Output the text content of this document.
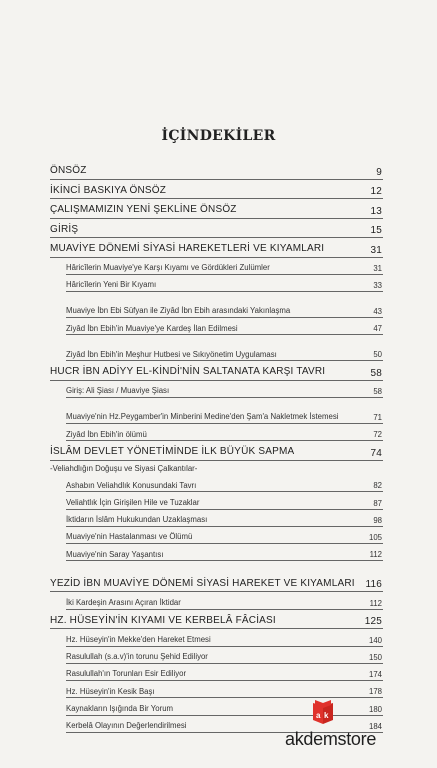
İÇİNDEKİLER
ÖNSÖZ	9
İKİNCİ BASKIYA ÖNSÖZ	12
ÇALIŞMAMIZIN YENİ ŞEKLİNE ÖNSÖZ	13
GİRİŞ	15
MUAVİYE DÖNEMİ SİYASİ HAREKETLERİ VE KIYAMLARI	31
Hâricîlerin Muaviye'ye Karşı Kıyamı ve Gördükleri Zulümler	31
Hâricîlerin Yeni Bir Kıyamı	33
Muaviye İbn Ebi Süfyan ile Ziyâd İbn Ebih arasındaki Yakınlaşma	43
Ziyâd İbn Ebih'in Muaviye'ye Kardeş İlan Edilmesi	47
Ziyâd İbn Ebih'in Meşhur Hutbesi ve Sıkıyönetim Uygulaması	50
HUCR İBN ADİYY EL-KİNDİ'NİN SALTANATA KARŞI TAVRI	58
Giriş: Ali Şiası / Muaviye Şiası	58
Muaviye'nin Hz.Peygamber'in Minberini Medine'den Şam'a Nakletmek İstemesi	71
Ziyâd İbn Ebih'in ölümü	72
İSLÂM DEVLET YÖNETİMİNDE İLK BÜYÜK SAPMA	74
-Veliahdlığın Doğuşu ve Siyasi Çalkantılar-
Ashabın Veliahdlık Konusundaki Tavrı	82
Veliahtlık İçin Girişilen Hile ve Tuzaklar	87
İktidarın İslâm Hukukundan Uzaklaşması	98
Muaviye'nin Hastalanması ve Ölümü	105
Muaviye'nin Saray Yaşantısı	112
YEZİD İBN MUAVİYE DÖNEMİ SİYASİ HAREKET VE KIYAMLARI	116
İki Kardeşin Arasını Açıran İktidar	112
HZ. HÜSEYİN'İN KIYAMI VE KERBELÂ FÂCİASI	125
Hz. Hüseyin'in Mekke'den Hareket Etmesi	140
Rasulullah (s.a.v)'in torunu Şehid Ediliyor	150
Rasulullah'ın Torunları Esir Ediliyor	174
Hz. Hüseyin'in Kesik Başı	178
Kaynakların Işığında Bir Yorum	180
Kerbelâ Olayının Değerlendirilmesi	184
a k
akdemstore
